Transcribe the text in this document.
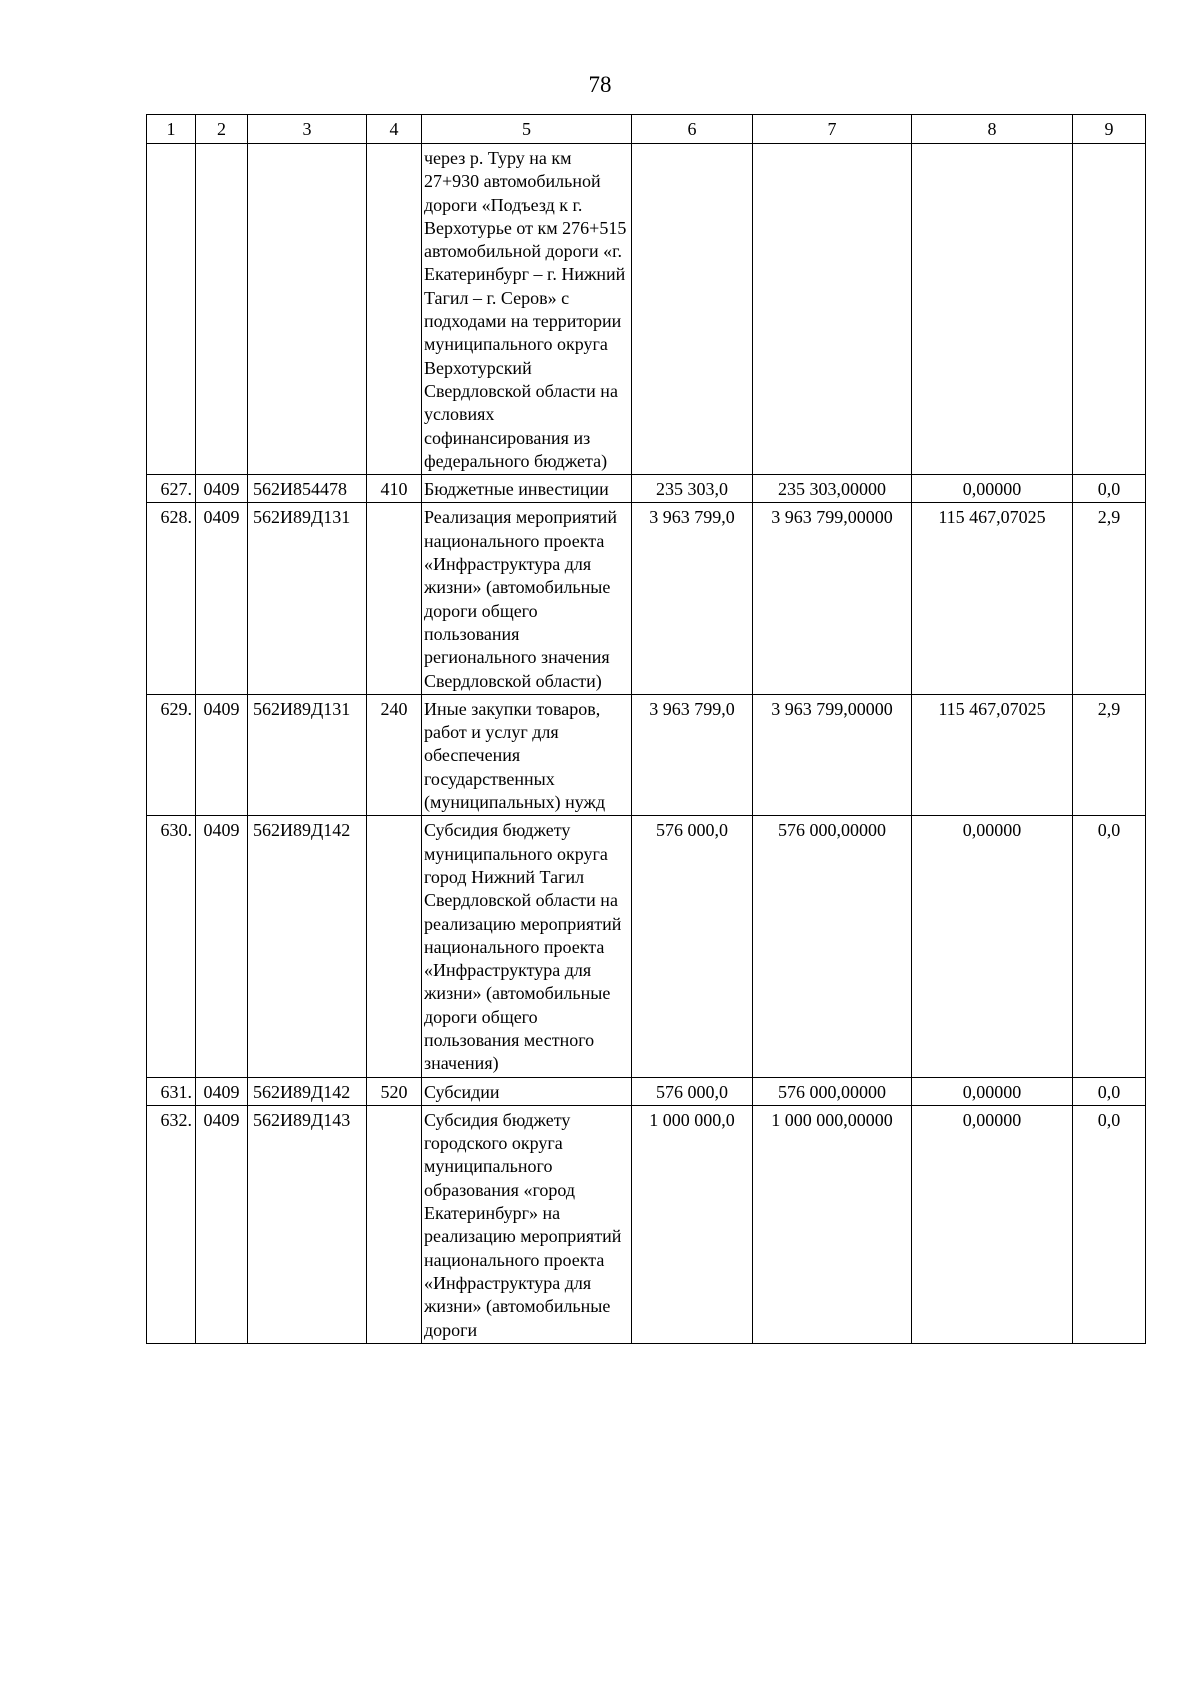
78
1	2	3	4	5	6	7	8	9
				через р. Туру на км 27+930 автомобильной дороги «Подъезд к г. Верхотурье от км 276+515 автомобильной дороги «г. Екатеринбург – г. Нижний Тагил – г. Серов» с подходами на территории муниципального округа Верхотурский Свердловской области на условиях софинансирования из федерального бюджета)				
627.	0409	562И854478	410	Бюджетные инвестиции	235 303,0	235 303,00000	0,00000	0,0
628.	0409	562И89Д131		Реализация мероприятий национального проекта «Инфраструктура для жизни» (автомобильные дороги общего пользования регионального значения Свердловской области)	3 963 799,0	3 963 799,00000	115 467,07025	2,9
629.	0409	562И89Д131	240	Иные закупки товаров, работ и услуг для обеспечения государственных (муниципальных) нужд	3 963 799,0	3 963 799,00000	115 467,07025	2,9
630.	0409	562И89Д142		Субсидия бюджету муниципального округа город Нижний Тагил Свердловской области на реализацию мероприятий национального проекта «Инфраструктура для жизни» (автомобильные дороги общего пользования местного значения)	576 000,0	576 000,00000	0,00000	0,0
631.	0409	562И89Д142	520	Субсидии	576 000,0	576 000,00000	0,00000	0,0
632.	0409	562И89Д143		Субсидия бюджету городского округа муниципального образования «город Екатеринбург» на реализацию мероприятий национального проекта «Инфраструктура для жизни» (автомобильные дороги	1 000 000,0	1 000 000,00000	0,00000	0,0
